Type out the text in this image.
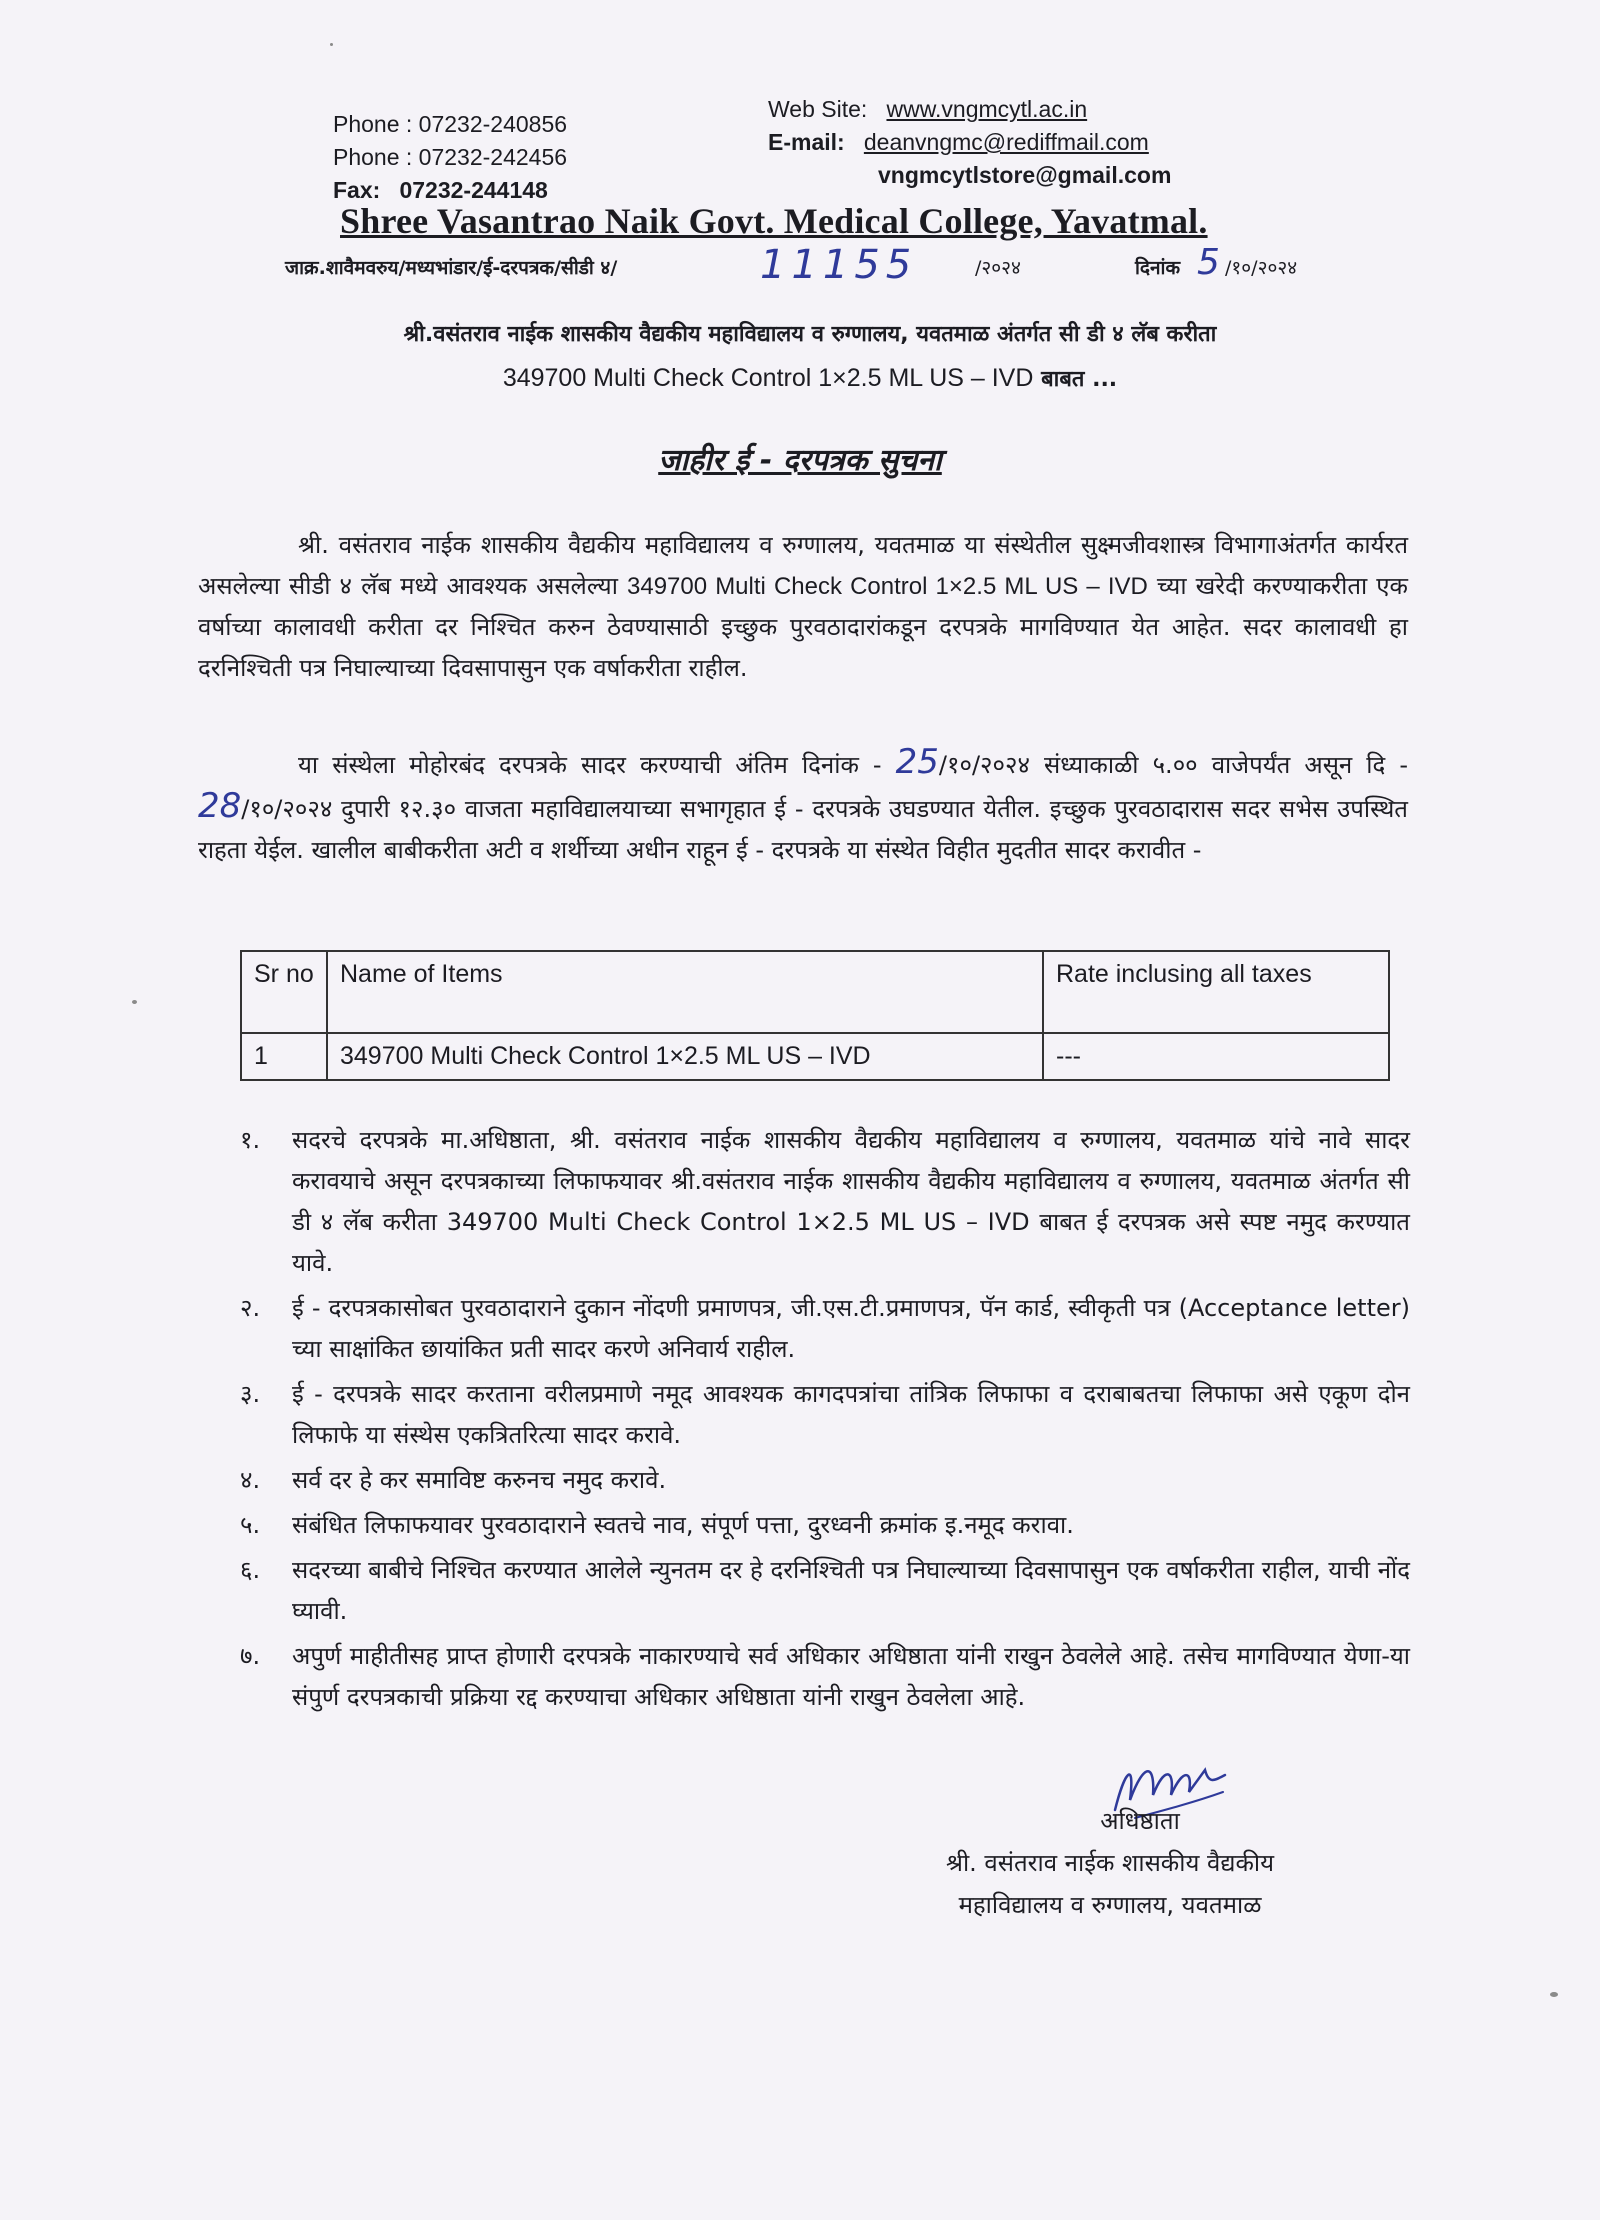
Phone : 07232-240856
Phone : 07232-242456
Fax: 07232-244148
Web Site: www.vngmcytl.ac.in
E-mail: deanvngmc@rediffmail.com
vngmcytlstore@gmail.com
Shree Vasantrao Naik Govt. Medical College, Yavatmal.
जाक्र.शावैमवरुय/मध्यभांडार/ई-दरपत्रक/सीडी ४/	11155	/२०२४	दिनांक 5 /१०/२०२४
श्री.वसंतराव नाईक शासकीय वैद्यकीय महाविद्यालय व रुग्णालय, यवतमाळ अंतर्गत सी डी ४ लॅब करीता
349700 Multi Check Control 1×2.5 ML US – IVD बाबत ...
जाहीर ई - दरपत्रक सुचना
श्री. वसंतराव नाईक शासकीय वैद्यकीय महाविद्यालय व रुग्णालय, यवतमाळ या संस्थेतील सुक्ष्मजीवशास्त्र विभागाअंतर्गत कार्यरत असलेल्या सीडी ४ लॅब मध्ये आवश्यक असलेल्या 349700 Multi Check Control 1×2.5 ML US – IVD च्या खरेदी करण्याकरीता एक वर्षाच्या कालावधी करीता दर निश्चित करुन ठेवण्यासाठी इच्छुक पुरवठादारांकडून दरपत्रके मागविण्यात येत आहेत. सदर कालावधी हा दरनिश्चिती पत्र निघाल्याच्या दिवसापासुन एक वर्षाकरीता राहील.
या संस्थेला मोहोरबंद दरपत्रके सादर करण्याची अंतिम दिनांक - 25/१०/२०२४ संध्याकाळी ५.०० वाजेपर्यंत असून दि - 28/१०/२०२४ दुपारी १२.३० वाजता महाविद्यालयाच्या सभागृहात ई - दरपत्रके उघडण्यात येतील. इच्छुक पुरवठादारास सदर सभेस उपस्थित राहता येईल. खालील बाबीकरीता अटी व शर्थीच्या अधीन राहून ई - दरपत्रके या संस्थेत विहीत मुदतीत सादर करावीत -
Sr no	Name of Items	Rate inclusing all taxes
1	349700 Multi Check Control 1×2.5 ML US – IVD	---
१. सदरचे दरपत्रके मा.अधिष्ठाता, श्री. वसंतराव नाईक शासकीय वैद्यकीय महाविद्यालय व रुग्णालय, यवतमाळ यांचे नावे सादर करावयाचे असून दरपत्रकाच्या लिफाफयावर श्री.वसंतराव नाईक शासकीय वैद्यकीय महाविद्यालय व रुग्णालय, यवतमाळ अंतर्गत सी डी ४ लॅब करीता 349700 Multi Check Control 1×2.5 ML US – IVD बाबत ई दरपत्रक असे स्पष्ट नमुद करण्यात यावे.
२. ई - दरपत्रकासोबत पुरवठादाराने दुकान नोंदणी प्रमाणपत्र, जी.एस.टी.प्रमाणपत्र, पॅन कार्ड, स्वीकृती पत्र (Acceptance letter) च्या साक्षांकित छायांकित प्रती सादर करणे अनिवार्य राहील.
३. ई - दरपत्रके सादर करताना वरीलप्रमाणे नमूद आवश्यक कागदपत्रांचा तांत्रिक लिफाफा व दराबाबतचा लिफाफा असे एकूण दोन लिफाफे या संस्थेस एकत्रितरित्या सादर करावे.
४. सर्व दर हे कर समाविष्ट करुनच नमुद करावे.
५. संबंधित लिफाफयावर पुरवठादाराने स्वतचे नाव, संपूर्ण पत्ता, दुरध्वनी क्रमांक इ.नमूद करावा.
६. सदरच्या बाबीचे निश्चित करण्यात आलेले न्युनतम दर हे दरनिश्चिती पत्र निघाल्याच्या दिवसापासुन एक वर्षाकरीता राहील, याची नोंद घ्यावी.
७. अपुर्ण माहीतीसह प्राप्त होणारी दरपत्रके नाकारण्याचे सर्व अधिकार अधिष्ठाता यांनी राखुन ठेवलेले आहे. तसेच मागविण्यात येणा-या संपुर्ण दरपत्रकाची प्रक्रिया रद्द करण्याचा अधिकार अधिष्ठाता यांनी राखुन ठेवलेला आहे.
अधिष्ठाता
श्री. वसंतराव नाईक शासकीय वैद्यकीय
महाविद्यालय व रुग्णालय, यवतमाळ
